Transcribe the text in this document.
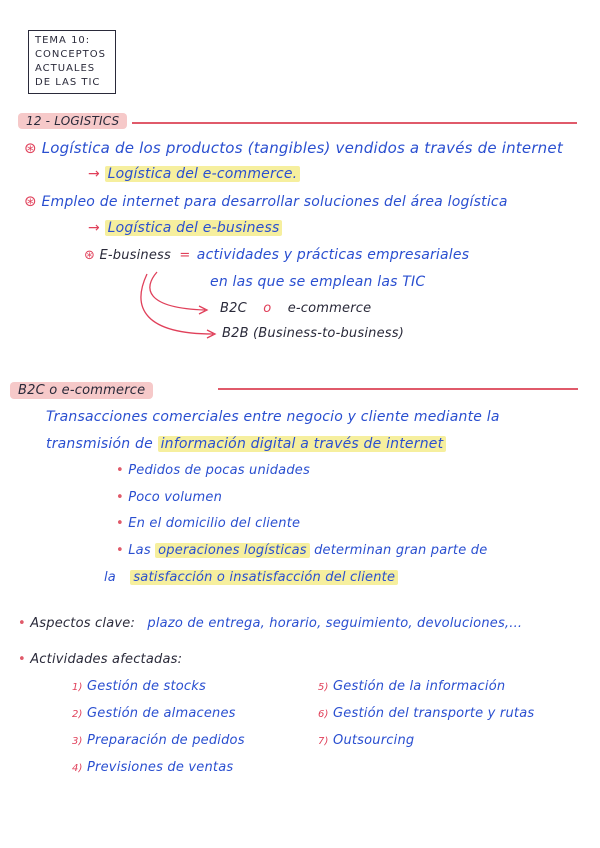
TEMA 10:
CONCEPTOS
ACTUALES
DE LAS TIC
12 - LOGISTICS
⊛ Logística de los productos (tangibles) vendidos a través de internet
→ Logística del e-commerce.
⊛ Empleo de internet para desarrollar soluciones del área logística
→ Logística del e-business
⊛ E-business = actividades y prácticas empresariales
en las que se emplean las TIC
B2C o e-commerce
B2B (Business-to-business)
B2C o e-commerce
Transacciones comerciales entre negocio y cliente mediante la
transmisión de información digital a través de internet
• Pedidos de pocas unidades
• Poco volumen
• En el domicilio del cliente
• Las operaciones logísticas determinan gran parte de
la satisfacción o insatisfacción del cliente
• Aspectos clave: plazo de entrega, horario, seguimiento, devoluciones,...
• Actividades afectadas:
1) Gestión de stocks
2) Gestión de almacenes
3) Preparación de pedidos
4) Previsiones de ventas
5) Gestión de la información
6) Gestión del transporte y rutas
7) Outsourcing
